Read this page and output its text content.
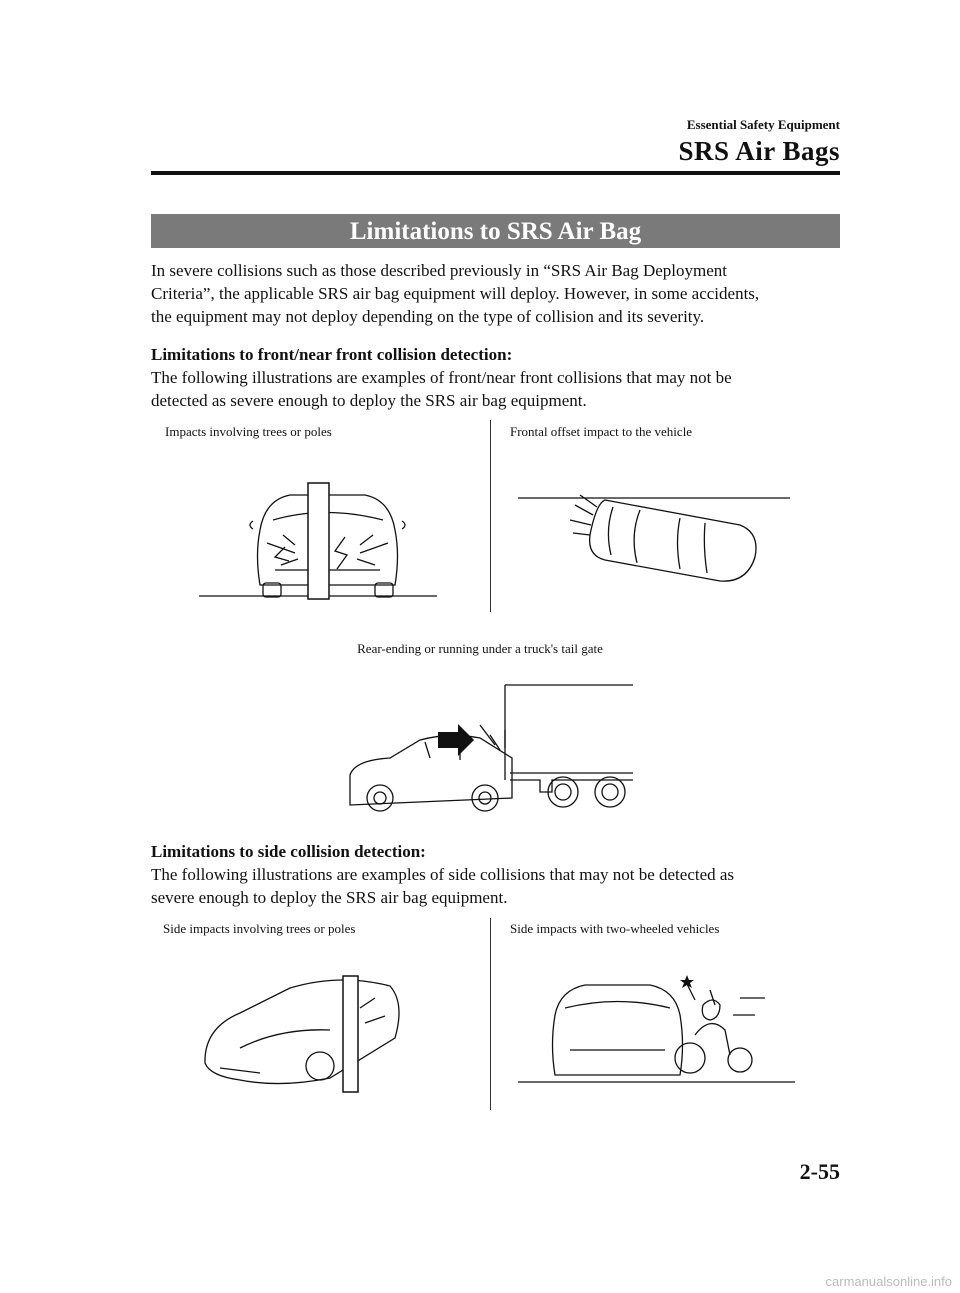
Essential Safety Equipment
SRS Air Bags
Limitations to SRS Air Bag
In severe collisions such as those described previously in “SRS Air Bag Deployment
Criteria”, the applicable SRS air bag equipment will deploy. However, in some accidents,
the equipment may not deploy depending on the type of collision and its severity.
Limitations to front/near front collision detection:
The following illustrations are examples of front/near front collisions that may not be
detected as severe enough to deploy the SRS air bag equipment.
Impacts involving trees or poles	Frontal offset impact to the vehicle
Rear-ending or running under a truck's tail gate
Limitations to side collision detection:
The following illustrations are examples of side collisions that may not be detected as
severe enough to deploy the SRS air bag equipment.
Side impacts involving trees or poles	Side impacts with two-wheeled vehicles
2-55
carmanualsonline.info
